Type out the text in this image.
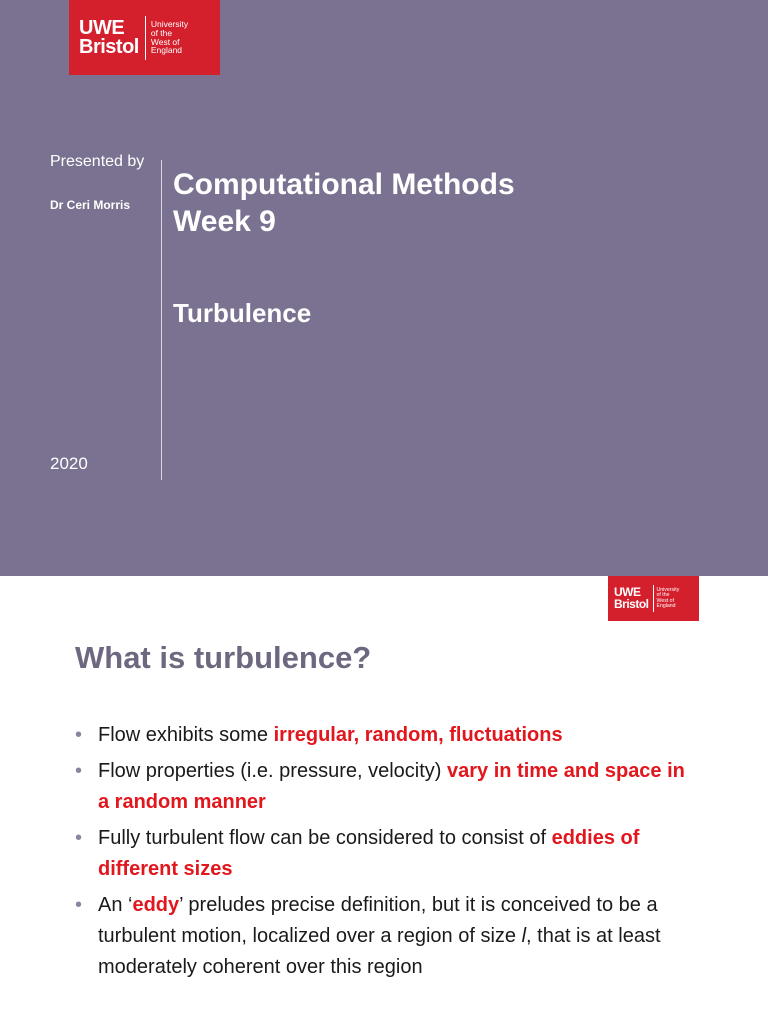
UWE
Bristol
University
of the
West of
England
Presented by
Dr Ceri Morris
Computational Methods
Week 9
Turbulence
2020
UWE
Bristol
University
of the
West of
England
What is turbulence?
• Flow exhibits some irregular, random, fluctuations
• Flow properties (i.e. pressure, velocity) vary in time and space in a random manner
• Fully turbulent flow can be considered to consist of eddies of different sizes
• An ‘eddy’ preludes precise definition, but it is conceived to be a turbulent motion, localized over a region of size l, that is at least moderately coherent over this region
